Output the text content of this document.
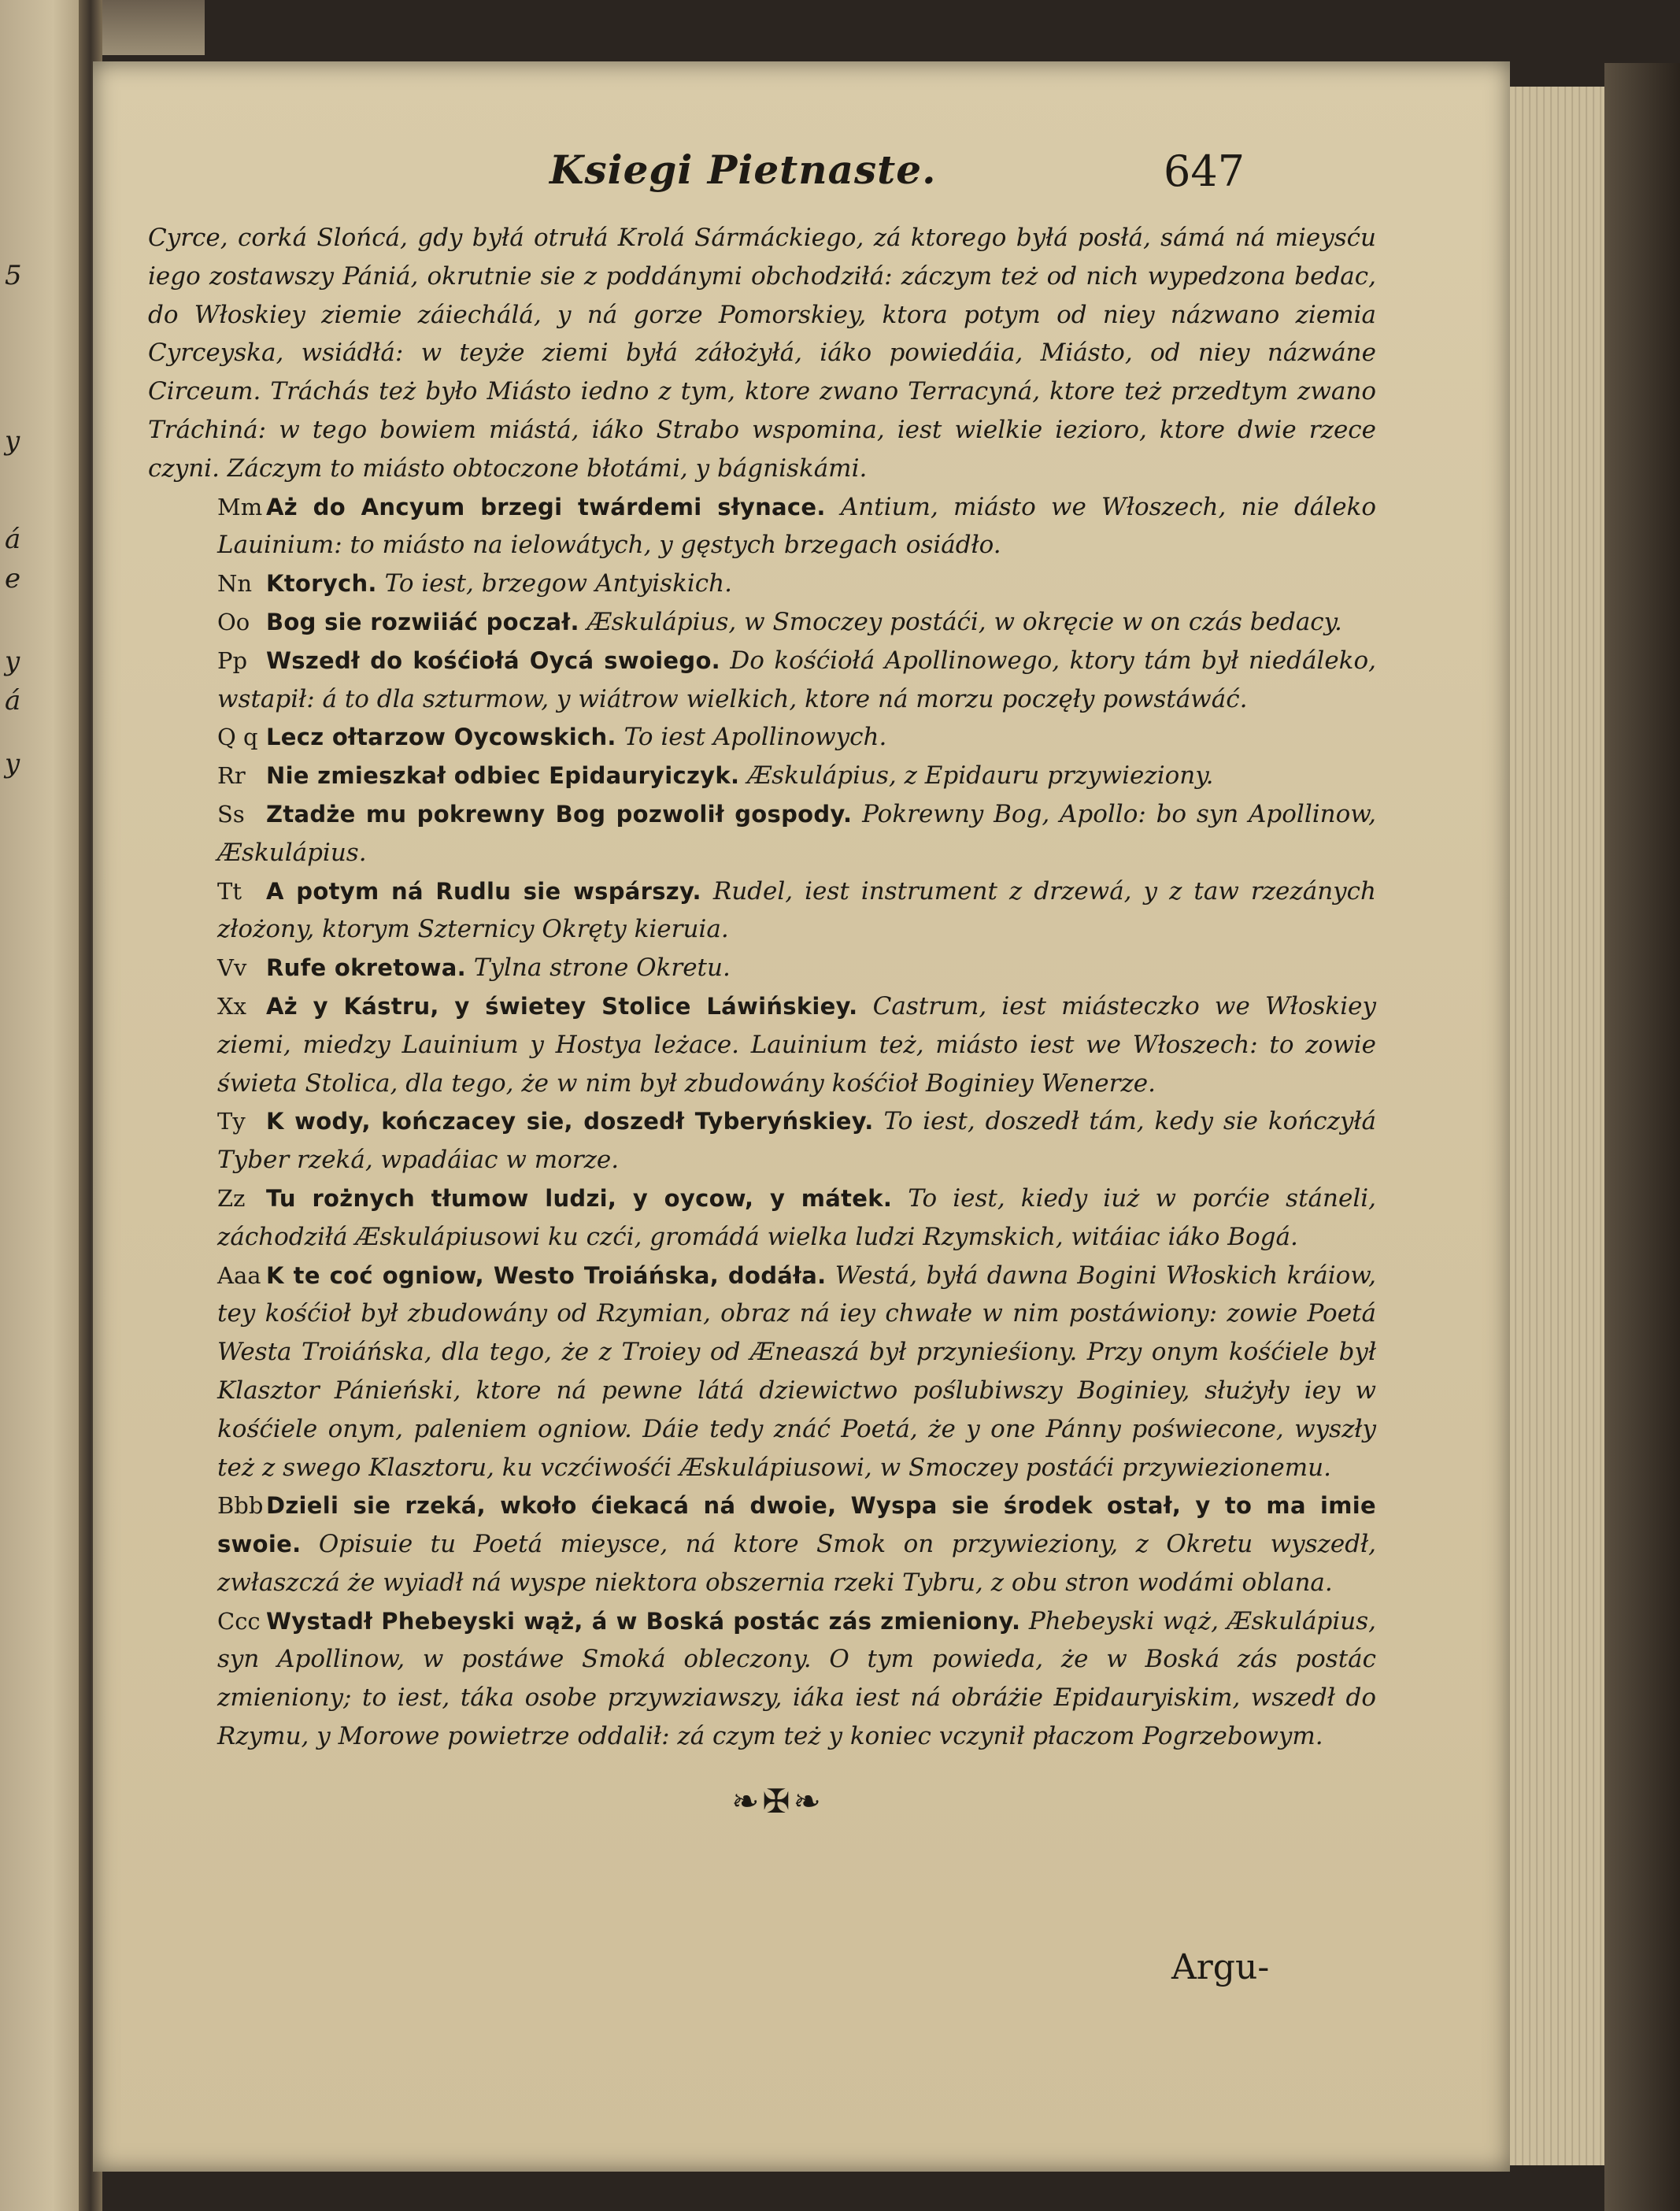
5
y
á
e
y
á
y
Ksiegi Pietnaste.	647

Cyrce, corká Slońcá, gdy byłá otrułá Krolá Sármáckiego, zá ktorego byłá posłá, sámá ná mieysću iego zostawszy Pániá, okrutnie sie z poddánymi obchodziłá: záczym też od nich wypedzona bedac, do Włoskiey ziemie záiechálá, y ná gorze Pomorskiey, ktora potym od niey názwano ziemia Cyrceyska, wsiádłá: w teyże ziemi byłá záłożyłá, iáko powiedáia, Miásto, od niey názwáne Circeum. Tráchás też było Miásto iedno z tym, ktore zwano Terracyná, ktore też przedtym zwano Tráchiná: w tego bowiem miástá, iáko Strabo wspomina, iest wielkie iezioro, ktore dwie rzece czyni. Záczym to miásto obtoczone błotámi, y bágniskámi.

Mm Aż do Ancyum brzegi twárdemi słynace. Antium, miásto we Włoszech, nie dáleko Lauinium: to miásto na ielowátych, y gęstych brzegach osiádło.

Nn Ktorych. To iest, brzegow Antyiskich.

Oo Bog sie rozwiiáć poczał. Æskulápius, w Smoczey postáći, w okręcie w on czás bedacy.

Pp Wszedł do kośćiołá Oycá swoiego. Do kośćiołá Apollinowego, ktory tám był niedáleko, wstapił: á to dla szturmow, y wiátrow wielkich, ktore ná morzu poczęły powstáwáć.

Q q Lecz ołtarzow Oycowskich. To iest Apollinowych.

Rr Nie zmieszkał odbiec Epidauryiczyk. Æskulápius, z Epidauru przywieziony.

Ss Ztadże mu pokrewny Bog pozwolił gospody. Pokrewny Bog, Apollo: bo syn Apollinow, Æskulápius.

Tt A potym ná Rudlu sie wspárszy. Rudel, iest instrument z drzewá, y z taw rzezánych złożony, ktorym Szternicy Okręty kieruia.

Vv Rufe okretowa. Tylna strone Okretu.

Xx Aż y Kástru, y świetey Stolice Láwińskiey. Castrum, iest miásteczko we Włoskiey ziemi, miedzy Lauinium y Hostya leżace. Lauinium też, miásto iest we Włoszech: to zowie świeta Stolica, dla tego, że w nim był zbudowány kośćioł Boginiey Wenerze.

Ty K wody, kończacey sie, doszedł Tyberyńskiey. To iest, doszedł tám, kedy sie kończyłá Tyber rzeká, wpadáiac w morze.

Zz Tu rożnych tłumow ludzi, y oycow, y mátek. To iest, kiedy iuż w porćie stáneli, záchodziłá Æskulápiusowi ku czći, gromádá wielka ludzi Rzymskich, witáiac iáko Bogá.

Aaa K te coć ogniow, Westo Troiáńska, dodáła. Westá, byłá dawna Bogini Włoskich kráiow, tey kośćioł był zbudowány od Rzymian, obraz ná iey chwałe w nim postáwiony: zowie Poetá Westa Troiáńska, dla tego, że z Troiey od Æneaszá był przynieśiony. Przy onym kośćiele był Klasztor Pánieński, ktore ná pewne látá dziewictwo poślubiwszy Boginiey, służyły iey w kośćiele onym, paleniem ogniow. Dáie tedy znáć Poetá, że y one Pánny poświecone, wyszły też z swego Klasztoru, ku vczćiwośći Æskulápiusowi, w Smoczey postáći przywiezionemu.

Bbb Dzieli sie rzeká, wkoło ćiekacá ná dwoie, Wyspa sie środek ostał, y to ma imie swoie. Opisuie tu Poetá mieysce, ná ktore Smok on przywieziony, z Okretu wyszedł, zwłaszczá że wyiadł ná wyspe niektora obszernia rzeki Tybru, z obu stron wodámi oblana.

Ccc Wystadł Phebeyski wąż, á w Boská postác zás zmieniony. Phebeyski wąż, Æskulápius, syn Apollinow, w postáwe Smoká obleczony. O tym powieda, że w Boská zás postác zmieniony; to iest, táka osobe przywziawszy, iáka iest ná obráżie Epidauryiskim, wszedł do Rzymu, y Morowe powietrze oddalił: zá czym też y koniec vczynił płaczom Pogrzebowym.

❧✠❧
Argu-
